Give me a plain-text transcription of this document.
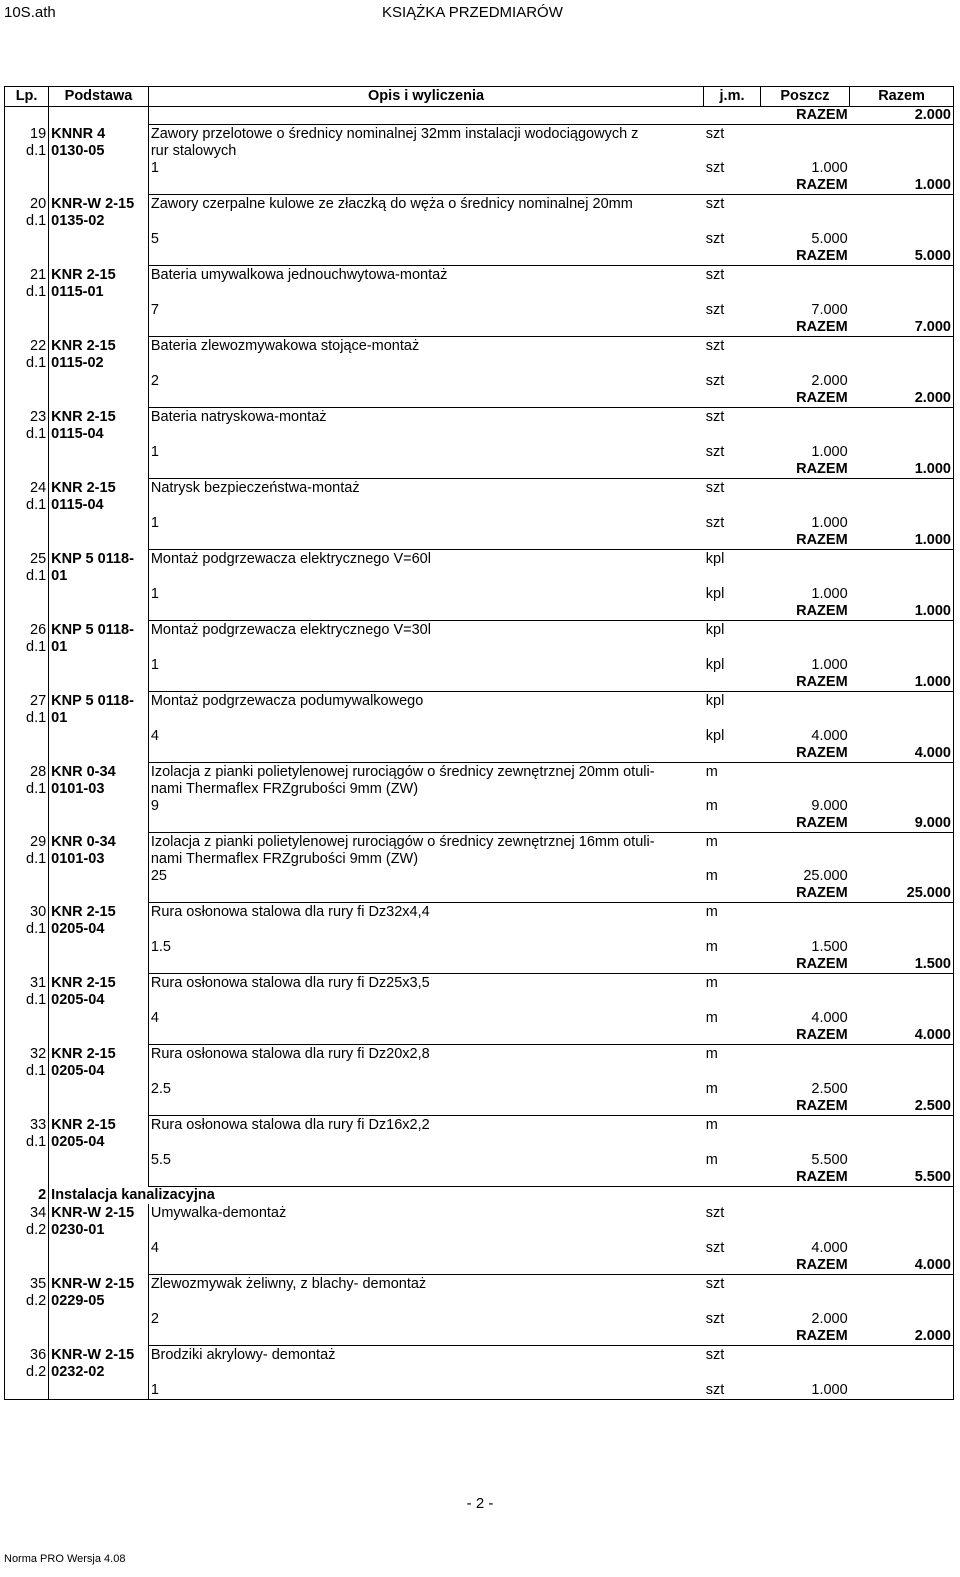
10S.ath	KSIĄŻKA PRZEDMIARÓW
Lp.	Podstawa	Opis i wyliczenia	j.m.	Poszcz	Razem
				RAZEM	2.000
19	KNNR 4	Zawory przelotowe o średnicy nominalnej 32mm instalacji wodociągowych z	szt		
d.1	0130-05	rur stalowych			
		1	szt	1.000	
				RAZEM	1.000
20	KNR-W 2-15	Zawory czerpalne kulowe ze złaczką do węża o średnicy nominalnej 20mm	szt		
d.1	0135-02				
		5	szt	5.000	
				RAZEM	5.000
21	KNR 2-15	Bateria umywalkowa jednouchwytowa-montaż	szt		
d.1	0115-01				
		7	szt	7.000	
				RAZEM	7.000
22	KNR 2-15	Bateria zlewozmywakowa stojące-montaż	szt		
d.1	0115-02				
		2	szt	2.000	
				RAZEM	2.000
23	KNR 2-15	Bateria natryskowa-montaż	szt		
d.1	0115-04				
		1	szt	1.000	
				RAZEM	1.000
24	KNR 2-15	Natrysk bezpieczeństwa-montaż	szt		
d.1	0115-04				
		1	szt	1.000	
				RAZEM	1.000
25	KNP 5 0118-	Montaż podgrzewacza elektrycznego V=60l	kpl		
d.1	01				
		1	kpl	1.000	
				RAZEM	1.000
26	KNP 5 0118-	Montaż podgrzewacza elektrycznego V=30l	kpl		
d.1	01				
		1	kpl	1.000	
				RAZEM	1.000
27	KNP 5 0118-	Montaż podgrzewacza podumywalkowego	kpl		
d.1	01				
		4	kpl	4.000	
				RAZEM	4.000
28	KNR 0-34	Izolacja z pianki polietylenowej rurociągów o średnicy zewnętrznej 20mm otuli-	m		
d.1	0101-03	nami Thermaflex FRZgrubości 9mm (ZW)			
		9	m	9.000	
				RAZEM	9.000
29	KNR 0-34	Izolacja z pianki polietylenowej rurociągów o średnicy zewnętrznej 16mm otuli-	m		
d.1	0101-03	nami Thermaflex FRZgrubości 9mm (ZW)			
		25	m	25.000	
				RAZEM	25.000
30	KNR 2-15	Rura osłonowa stalowa dla rury fi Dz32x4,4	m		
d.1	0205-04				
		1.5	m	1.500	
				RAZEM	1.500
31	KNR 2-15	Rura osłonowa stalowa dla rury fi Dz25x3,5	m		
d.1	0205-04				
		4	m	4.000	
				RAZEM	4.000
32	KNR 2-15	Rura osłonowa stalowa dla rury fi Dz20x2,8	m		
d.1	0205-04				
		2.5	m	2.500	
				RAZEM	2.500
33	KNR 2-15	Rura osłonowa stalowa dla rury fi Dz16x2,2	m		
d.1	0205-04				
		5.5	m	5.500	
				RAZEM	5.500
2	Instalacja kanalizacyjna				
34	KNR-W 2-15	Umywalka-demontaż	szt		
d.2	0230-01				
		4	szt	4.000	
				RAZEM	4.000
35	KNR-W 2-15	Zlewozmywak żeliwny, z blachy- demontaż	szt		
d.2	0229-05				
		2	szt	2.000	
				RAZEM	2.000
36	KNR-W 2-15	Brodziki akrylowy- demontaż	szt		
d.2	0232-02				
		1	szt	1.000	
- 2 -
Norma PRO Wersja 4.08
